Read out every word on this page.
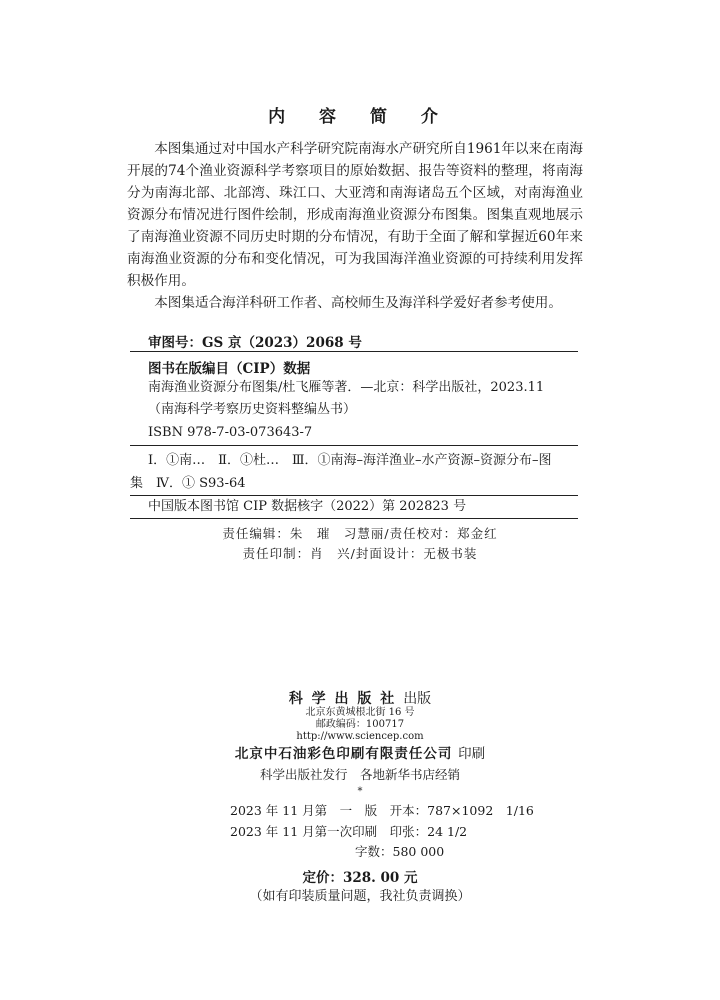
内 容 简 介

本图集通过对中国水产科学研究院南海水产研究所自1961年以来在南海开展的74个渔业资源科学考察项目的原始数据、报告等资料的整理，将南海分为南海北部、北部湾、珠江口、大亚湾和南海诸岛五个区域，对南海渔业资源分布情况进行图件绘制，形成南海渔业资源分布图集。图集直观地展示了南海渔业资源不同历史时期的分布情况，有助于全面了解和掌握近60年来南海渔业资源的分布和变化情况，可为我国海洋渔业资源的可持续利用发挥积极作用。

本图集适合海洋科研工作者、高校师生及海洋科学爱好者参考使用。

审图号：GS 京（2023）2068 号
图书在版编目（CIP）数据
南海渔业资源分布图集/杜飞雁等著．—北京：科学出版社，2023.11
（南海科学考察历史资料整编丛书）
ISBN 978-7-03-073643-7
Ⅰ．①南…　Ⅱ．①杜…　Ⅲ．①南海–海洋渔业–水产资源–资源分布–图
集　Ⅳ．① S93-64
中国版本图书馆 CIP 数据核字（2022）第 202823 号
责任编辑：朱　璀　习慧丽/责任校对：郑金红
责任印制：肖　兴/封面设计：无极书装
科 学 出 版 社 出版
北京东黄城根北街 16 号
邮政编码：100717
http://www.sciencep.com
北京中石油彩色印刷有限责任公司 印刷
科学出版社发行　各地新华书店经销
*
2023 年 11 月第　一　版　开本：787×1092　1/16
2023 年 11 月第一次印刷　印张：24 1/2
　　　　　　　　　　字数：580 000
定价：328. 00 元
（如有印装质量问题，我社负责调换）
